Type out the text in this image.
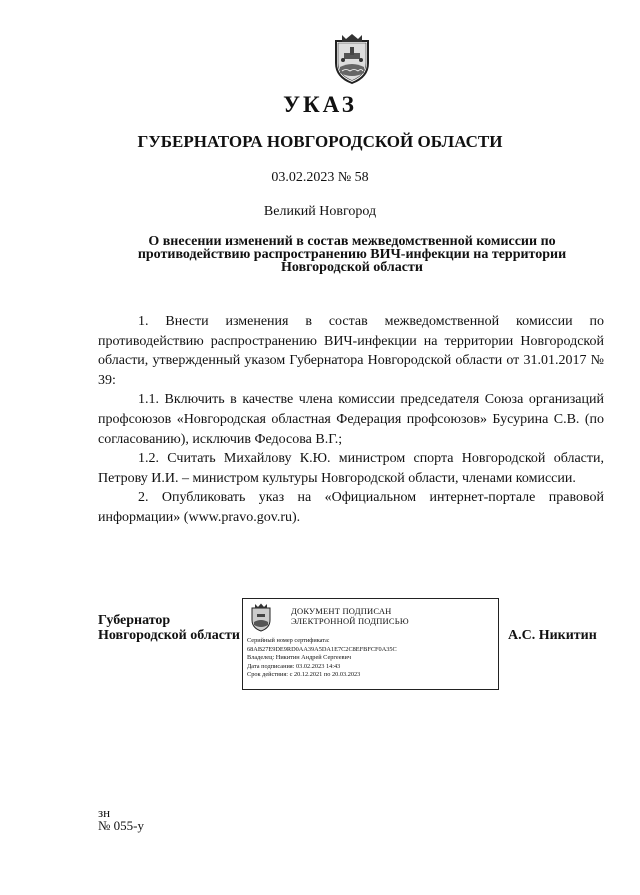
УКАЗ
ГУБЕРНАТОРА НОВГОРОДСКОЙ ОБЛАСТИ
03.02.2023 № 58
Великий Новгород
О внесении изменений в состав межведомственной комиссии по
противодействию распространению ВИЧ-инфекции на территории
Новгородской области

1. Внести изменения в состав межведомственной комиссии по противодействию распространению ВИЧ-инфекции на территории Новгородской области, утвержденный указом Губернатора Новгородской области от 31.01.2017 № 39:

1.1. Включить в качестве члена комиссии председателя Союза организаций профсоюзов «Новгородская областная Федерация профсоюзов» Бусурина С.В. (по согласованию), исключив Федосова В.Г.;

1.2. Считать Михайлову К.Ю. министром спорта Новгородской области, Петрову И.И. – министром культуры Новгородской области, членами комиссии.

2. Опубликовать указ на «Официальном интернет-портале правовой информации» (www.pravo.gov.ru).

Губернатор
Новгородской области
ДОКУМЕНТ ПОДПИСАН
ЭЛЕКТРОННОЙ ПОДПИСЬЮ
Серийный номер сертификата:
68AB27E9DE9RD0AA39A5DA1E7C2C8EFBFCF0A35C
Владелец: Никитин Андрей Сергеевич
Дата подписания: 03.02.2023 14:43
Срок действия: с 20.12.2021 по 20.03.2023
А.С. Никитин
зн
№ 055-у
